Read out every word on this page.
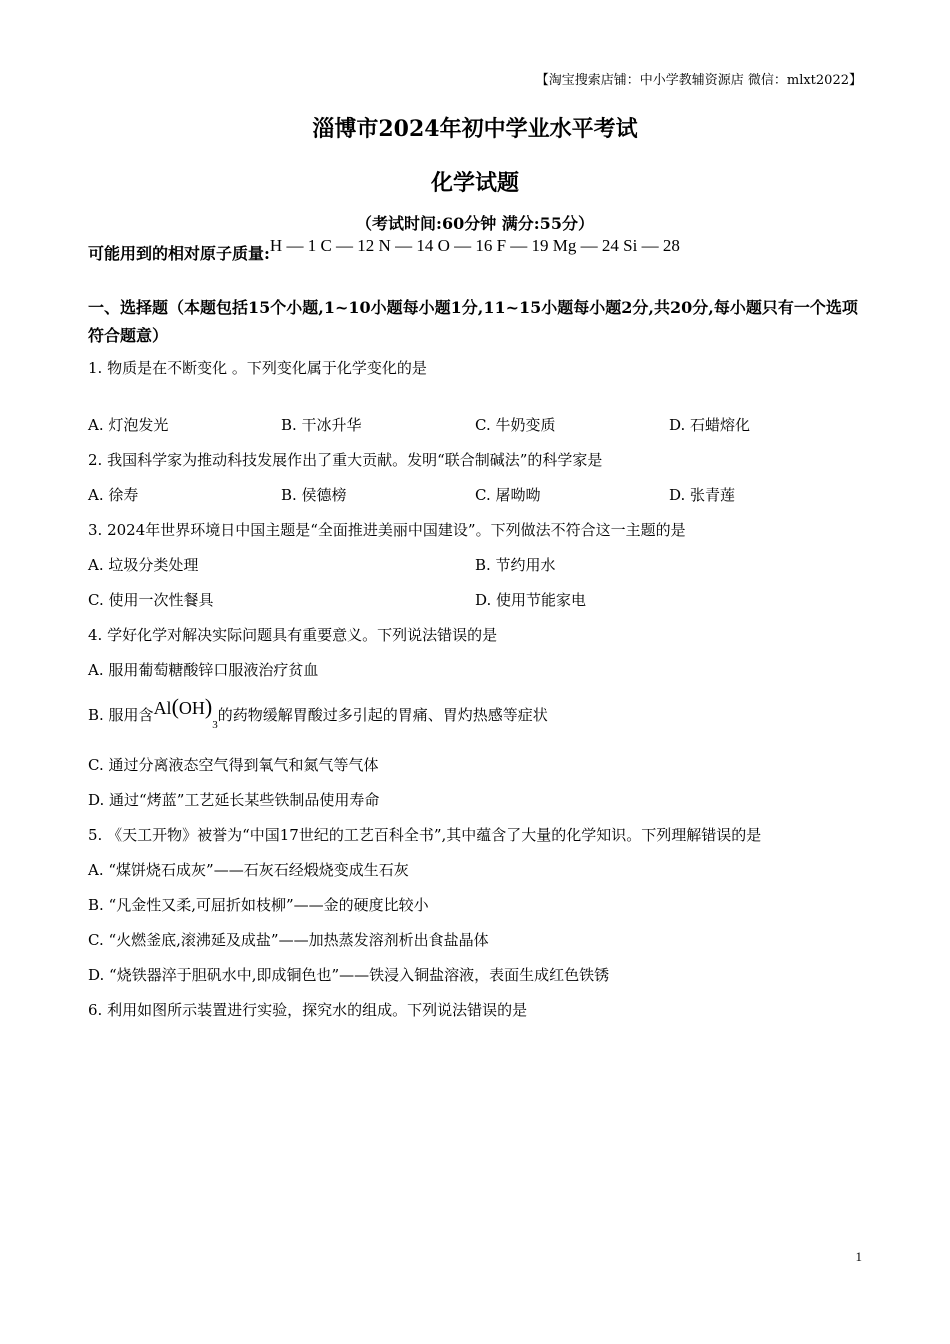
【淘宝搜索店铺：中小学教辅资源店 微信：mlxt2022】
淄博市2024年初中学业水平考试
化学试题
（考试时间:60分钟 满分:55分）
可能用到的相对原子质量:H — 1 C — 12 N — 14 O — 16 F — 19 Mg — 24 Si — 28
一、选择题（本题包括15个小题,1~10小题每小题1分,11~15小题每小题2分,共20分,每小题只有一个选项符合题意）
1. 物质是在不断变化 。下列变化属于化学变化的是
A. 灯泡发光	B. 干冰升华	C. 牛奶变质	D. 石蜡熔化
2. 我国科学家为推动科技发展作出了重大贡献。发明“联合制碱法”的科学家是
A. 徐寿	B. 侯德榜	C. 屠呦呦	D. 张青莲
3. 2024年世界环境日中国主题是“全面推进美丽中国建设”。下列做法不符合这一主题的是
A. 垃圾分类处理	B. 节约用水
C. 使用一次性餐具	D. 使用节能家电
4. 学好化学对解决实际问题具有重要意义。下列说法错误的是
A. 服用葡萄糖酸锌口服液治疗贫血
B. 服用含$Al(OH)_3$的药物缓解胃酸过多引起的胃痛、胃灼热感等症状
C. 通过分离液态空气得到氧气和氮气等气体
D. 通过“烤蓝”工艺延长某些铁制品使用寿命
5. 《天工开物》被誉为“中国17世纪的工艺百科全书”,其中蕴含了大量的化学知识。下列理解错误的是
A. “煤饼烧石成灰”——石灰石经煅烧变成生石灰
B. “凡金性又柔,可屈折如枝柳”——金的硬度比较小
C. “火燃釜底,滚沸延及成盐”——加热蒸发溶剂析出食盐晶体
D. “烧铁器淬于胆矾水中,即成铜色也”——铁浸入铜盐溶液，表面生成红色铁锈
6. 利用如图所示装置进行实验，探究水的组成。下列说法错误的是
1
